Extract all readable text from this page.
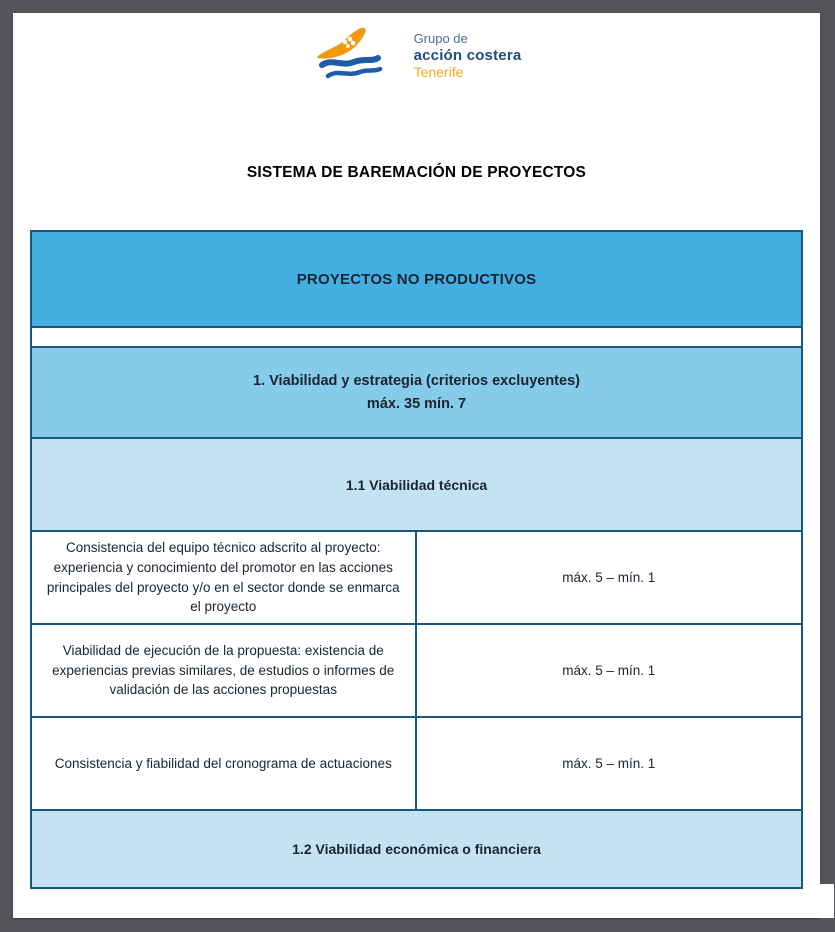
Grupo de
acción costera
Tenerife
SISTEMA DE BAREMACIÓN DE PROYECTOS
PROYECTOS NO PRODUCTIVOS
1. Viabilidad y estrategia (criterios excluyentes)
máx. 35 mín. 7
1.1 Viabilidad técnica
Consistencia del equipo técnico adscrito al proyecto: experiencia y conocimiento del promotor en las acciones principales del proyecto y/o en el sector donde se enmarca el proyecto
máx. 5 – mín. 1
Viabilidad de ejecución de la propuesta: existencia de experiencias previas similares, de estudios o informes de validación de las acciones propuestas
máx. 5 – mín. 1
Consistencia y fiabilidad del cronograma de actuaciones	máx. 5 – mín. 1
1.2 Viabilidad económica o financiera
